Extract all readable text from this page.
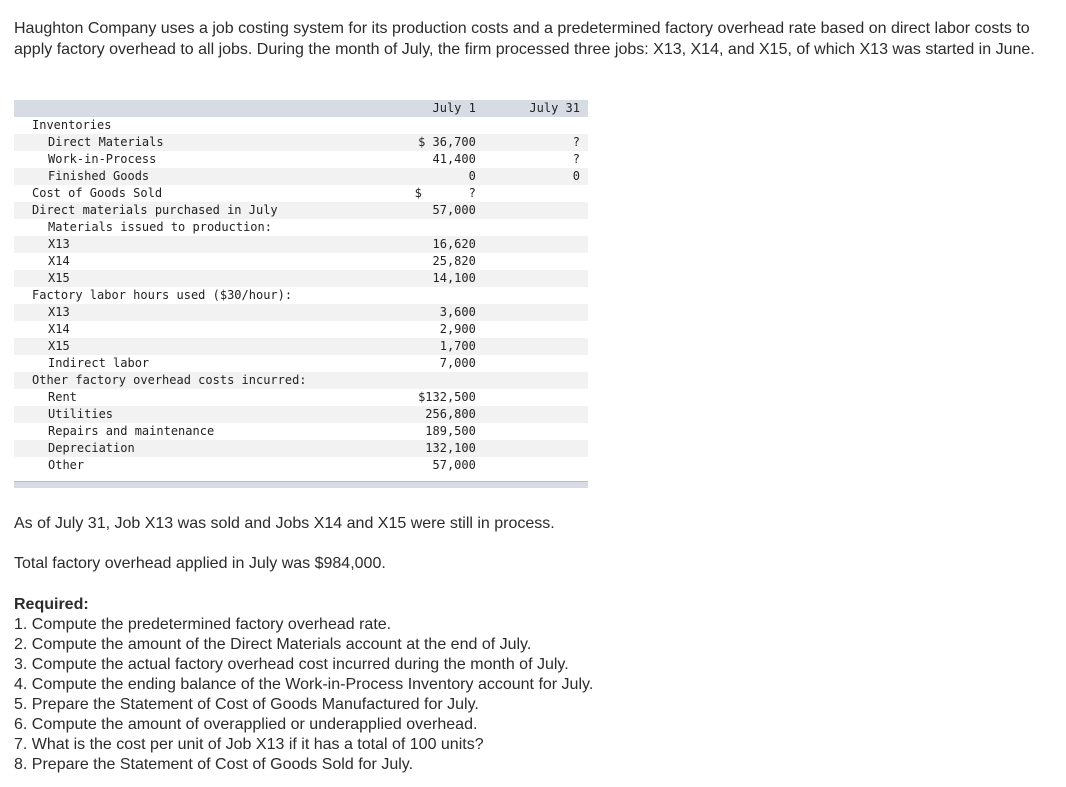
Haughton Company uses a job costing system for its production costs and a predetermined factory overhead rate based on direct labor costs to apply factory overhead to all jobs. During the month of July, the firm processed three jobs: X13, X14, and X15, of which X13 was started in June.

	July 1		July 31
Inventories			
Direct Materials	$ 36,700		?
Work-in-Process	41,400		?
Finished Goods	0		0
Cost of Goods Sold	$ ?		
Direct materials purchased in July	57,000		
Materials issued to production:			
X13	16,620		
X14	25,820		
X15	14,100		
Factory labor hours used ($30/hour):			
X13	3,600		
X14	2,900		
X15	1,700		
Indirect labor	7,000		
Other factory overhead costs incurred:			
Rent	$132,500		
Utilities	256,800		
Repairs and maintenance	189,500		
Depreciation	132,100		
Other	57,000		

As of July 31, Job X13 was sold and Jobs X14 and X15 were still in process.

Total factory overhead applied in July was $984,000.

Required:
1. Compute the predetermined factory overhead rate.
2. Compute the amount of the Direct Materials account at the end of July.
3. Compute the actual factory overhead cost incurred during the month of July.
4. Compute the ending balance of the Work-in-Process Inventory account for July.
5. Prepare the Statement of Cost of Goods Manufactured for July.
6. Compute the amount of overapplied or underapplied overhead.
7. What is the cost per unit of Job X13 if it has a total of 100 units?
8. Prepare the Statement of Cost of Goods Sold for July.
